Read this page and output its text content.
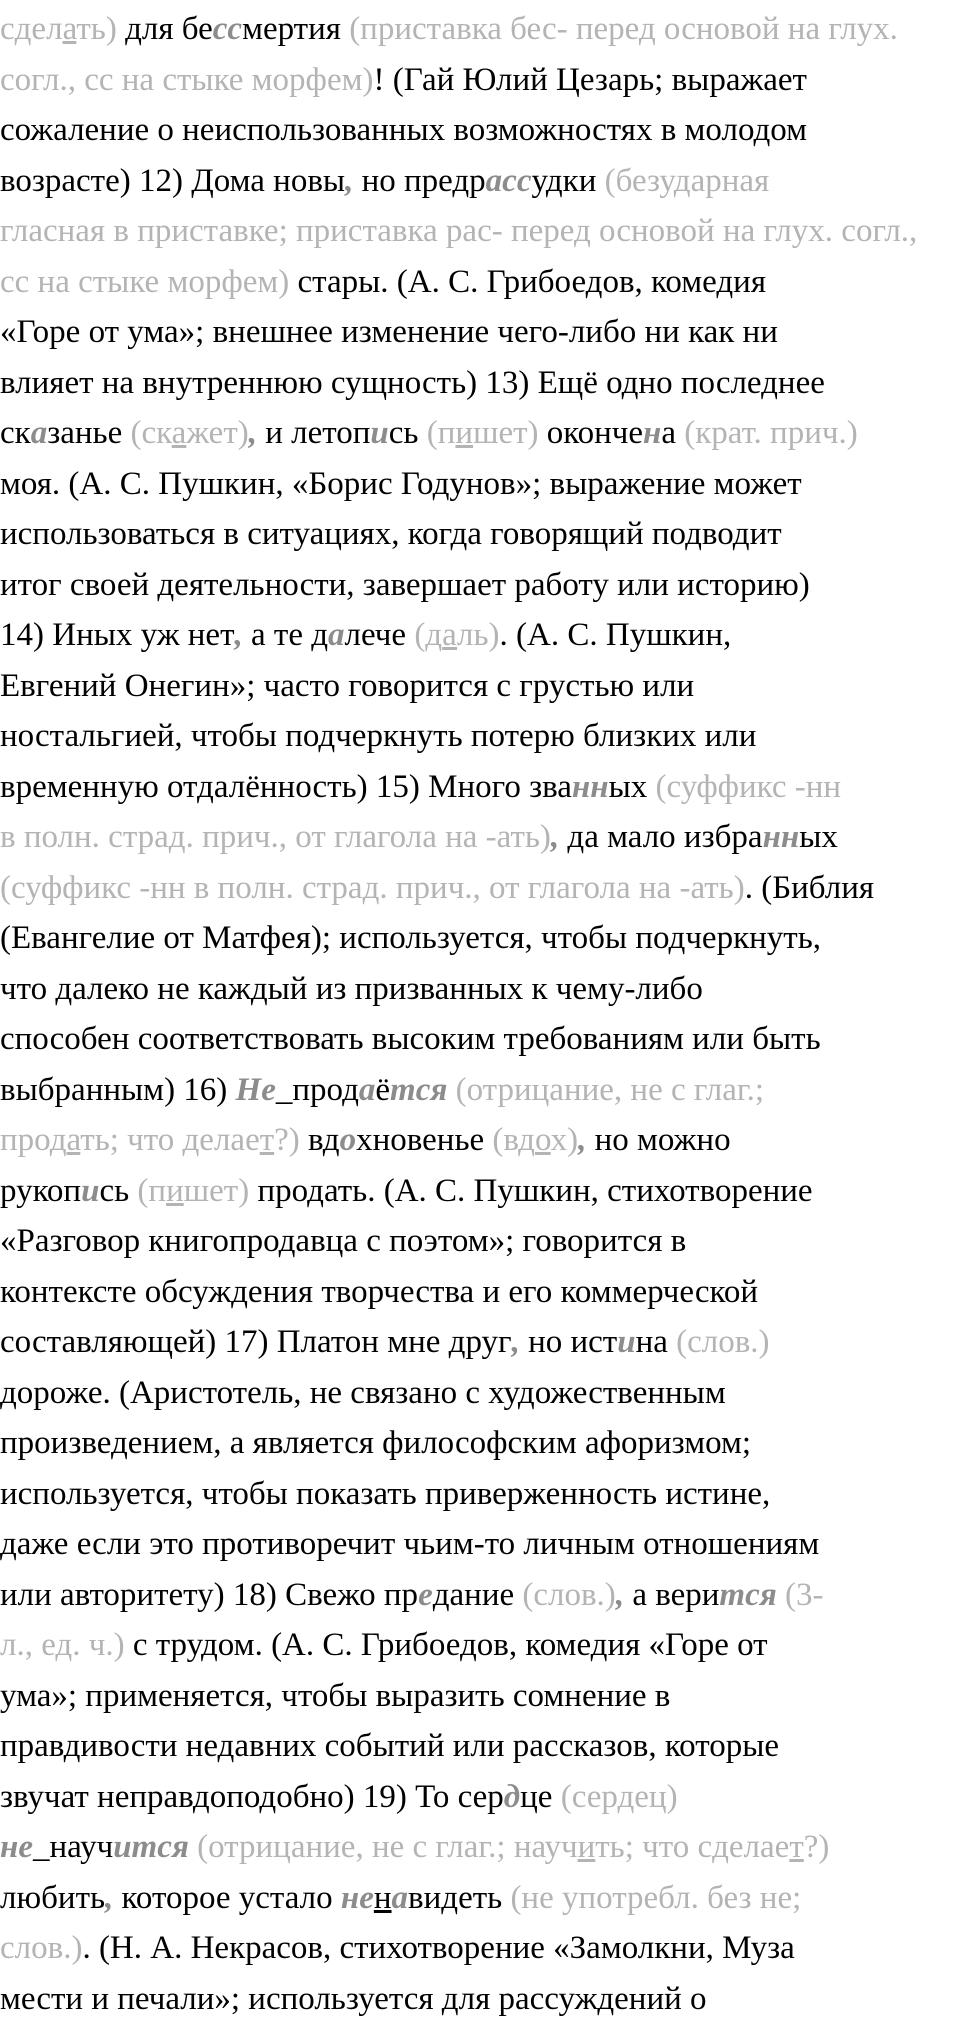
сделать) для бессмертия (приставка бес- перед основой на глух.
согл., сс на стыке морфем)! (Гай Юлий Цезарь; выражает
сожаление о неиспользованных возможностях в молодом
возрасте) 12) Дома новы, но предрассудки (безударная
гласная в приставке; приставка рас- перед основой на глух. согл.,
сс на стыке морфем) стары. (А. С. Грибоедов, комедия
«Горе от ума»; внешнее изменение чего-либо ни как ни
влияет на внутреннюю сущность) 13) Ещё одно последнее
сказанье (скажет), и летопись (пишет) окончена (крат. прич.)
моя. (А. С. Пушкин, «Борис Годунов»; выражение может
использоваться в ситуациях, когда говорящий подводит
итог своей деятельности, завершает работу или историю)
14) Иных уж нет, а те далече (даль). (А. С. Пушкин,
Евгений Онегин»; часто говорится с грустью или
ностальгией, чтобы подчеркнуть потерю близких или
временную отдалённость) 15) Много званных (суффикс -нн
в полн. страд. прич., от глагола на -ать), да мало избранных
(суффикс -нн в полн. страд. прич., от глагола на -ать). (Библия
(Евангелие от Матфея); используется, чтобы подчеркнуть,
что далеко не каждый из призванных к чему-либо
способен соответствовать высоким требованиям или быть
выбранным) 16) Не_продаётся (отрицание, не с глаг.;
продать; что делает?) вдохновенье (вдох), но можно
рукопись (пишет) продать. (А. С. Пушкин, стихотворение
«Разговор книгопродавца с поэтом»; говорится в
контексте обсуждения творчества и его коммерческой
составляющей) 17) Платон мне друг, но истина (слов.)
дороже. (Аристотель, не связано с художественным
произведением, а является философским афоризмом;
используется, чтобы показать приверженность истине,
даже если это противоречит чьим-то личным отношениям
или авторитету) 18) Свежо предание (слов.), а верится (3-
л., ед. ч.) с трудом. (А. С. Грибоедов, комедия «Горе от
ума»; применяется, чтобы выразить сомнение в
правдивости недавних событий или рассказов, которые
звучат неправдоподобно) 19) То сердце (сердец)
не_научится (отрицание, не с глаг.; научить; что сделает?)
любить, которое устало ненавидеть (не употребл. без не;
слов.). (Н. А. Некрасов, стихотворение «Замолкни, Муза
мести и печали»; используется для рассуждений о
